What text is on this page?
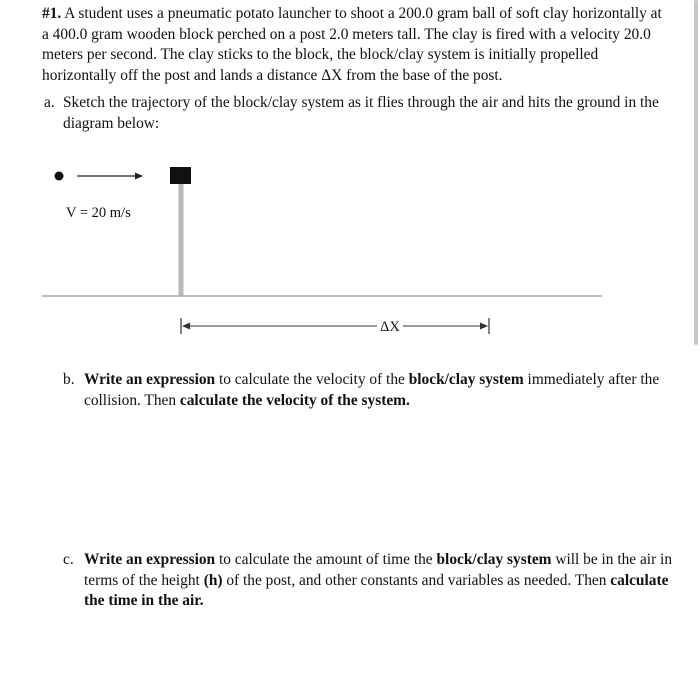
#1. A student uses a pneumatic potato launcher to shoot a 200.0 gram ball of soft clay horizontally at a 400.0 gram wooden block perched on a post 2.0 meters tall. The clay is fired with a velocity 20.0 meters per second. The clay sticks to the block, the block/clay system is initially propelled horizontally off the post and lands a distance ΔX from the base of the post.
a. Sketch the trajectory of the block/clay system as it flies through the air and hits the ground in the diagram below:
V = 20 m/s
ΔX
b. Write an expression to calculate the velocity of the block/clay system immediately after the collision. Then calculate the velocity of the system.
c. Write an expression to calculate the amount of time the block/clay system will be in the air in terms of the height (h) of the post, and other constants and variables as needed. Then calculate the time in the air.
